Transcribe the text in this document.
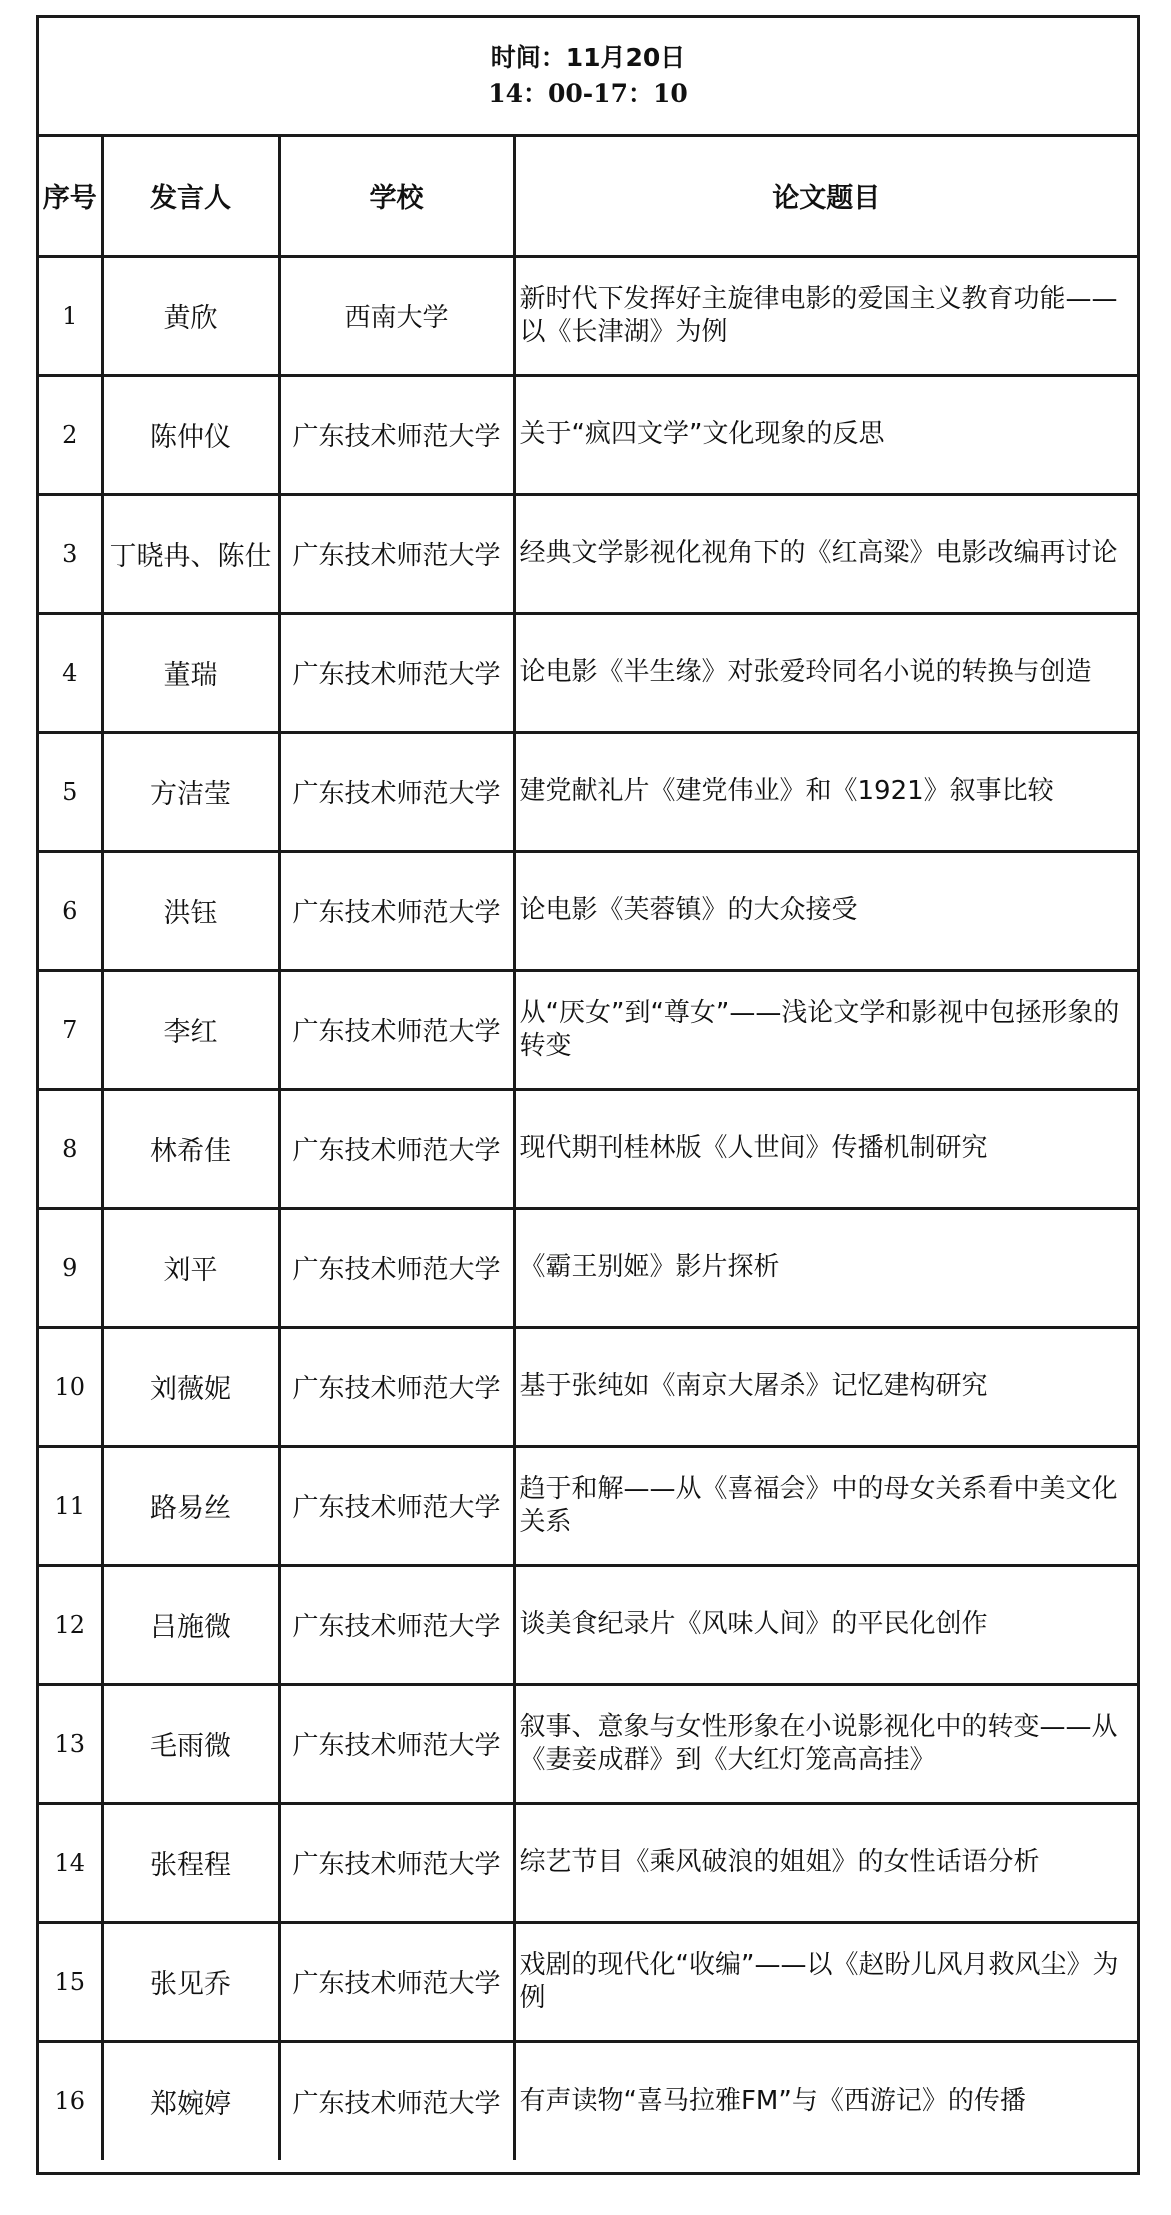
时间：11月20日
14：00-17：10
序号	发言人	学校	论文题目
1	黄欣	西南大学	新时代下发挥好主旋律电影的爱国主义教育功能——以《长津湖》为例
2	陈仲仪	广东技术师范大学	关于“疯四文学”文化现象的反思
3	丁晓冉、陈仕	广东技术师范大学	经典文学影视化视角下的《红高粱》电影改编再讨论
4	董瑞	广东技术师范大学	论电影《半生缘》对张爱玲同名小说的转换与创造
5	方洁莹	广东技术师范大学	建党献礼片《建党伟业》和《1921》叙事比较
6	洪钰	广东技术师范大学	论电影《芙蓉镇》的大众接受
7	李红	广东技术师范大学	从“厌女”到“尊女”——浅论文学和影视中包拯形象的转变
8	林希佳	广东技术师范大学	现代期刊桂林版《人世间》传播机制研究
9	刘平	广东技术师范大学	《霸王别姬》影片探析
10	刘薇妮	广东技术师范大学	基于张纯如《南京大屠杀》记忆建构研究
11	路易丝	广东技术师范大学	趋于和解——从《喜福会》中的母女关系看中美文化关系
12	吕施微	广东技术师范大学	谈美食纪录片《风味人间》的平民化创作
13	毛雨微	广东技术师范大学	叙事、意象与女性形象在小说影视化中的转变——从《妻妾成群》到《大红灯笼高高挂》
14	张程程	广东技术师范大学	综艺节目《乘风破浪的姐姐》的女性话语分析
15	张见乔	广东技术师范大学	戏剧的现代化“收编”——以《赵盼儿风月救风尘》为例
16	郑婉婷	广东技术师范大学	有声读物“喜马拉雅FM”与《西游记》的传播
